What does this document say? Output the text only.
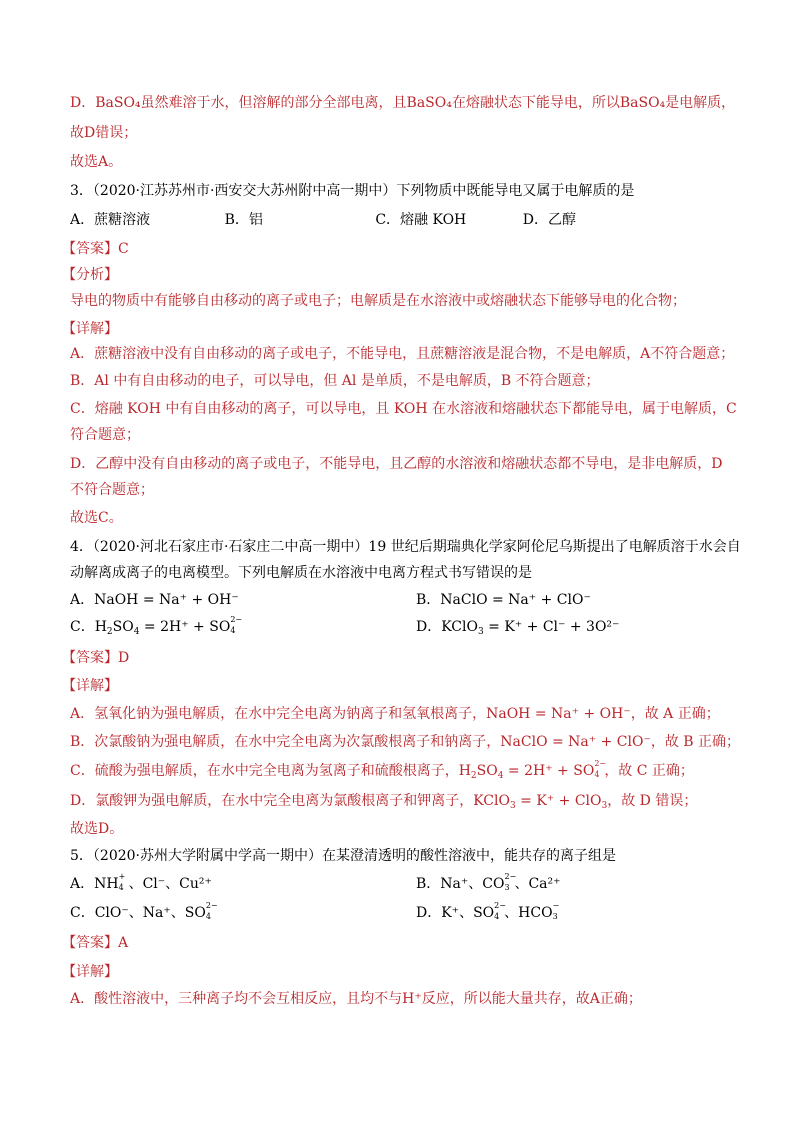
D．BaSO₄虽然难溶于水，但溶解的部分全部电离，且BaSO₄在熔融状态下能导电，所以BaSO₄是电解质，
故D错误；
故选A。
3．（2020·江苏苏州市·西安交大苏州附中高一期中）下列物质中既能导电又属于电解质的是
A．蔗糖溶液	B．铝	C．熔融 KOH	D．乙醇
【答案】C
【分析】
导电的物质中有能够自由移动的离子或电子；电解质是在水溶液中或熔融状态下能够导电的化合物；
【详解】
A．蔗糖溶液中没有自由移动的离子或电子，不能导电，且蔗糖溶液是混合物，不是电解质，A不符合题意；
B．Al 中有自由移动的电子，可以导电，但 Al 是单质，不是电解质，B 不符合题意；
C．熔融 KOH 中有自由移动的离子，可以导电，且 KOH 在水溶液和熔融状态下都能导电，属于电解质，C
符合题意；
D．乙醇中没有自由移动的离子或电子，不能导电，且乙醇的水溶液和熔融状态都不导电，是非电解质，D
不符合题意；
故选C。
4．（2020·河北石家庄市·石家庄二中高一期中）19 世纪后期瑞典化学家阿伦尼乌斯提出了电解质溶于水会自
动解离成离子的电离模型。下列电解质在水溶液中电离方程式书写错误的是
A．NaOH = Na⁺ + OH⁻	B．NaClO = Na⁺ + ClO⁻
C．$H_2SO_4 = 2H^+$ + SO 2−
4	D．KClO$_3$ = K⁺ + Cl⁻ + 3O²⁻
【答案】D
【详解】
A．氢氧化钠为强电解质，在水中完全电离为钠离子和氢氧根离子，NaOH = Na⁺ + OH⁻，故 A 正确；
B．次氯酸钠为强电解质，在水中完全电离为次氯酸根离子和钠离子，NaClO = Na⁺ + ClO⁻，故 B 正确；
C．硫酸为强电解质，在水中完全电离为氢离子和硫酸根离子，$H_2SO_4 = 2H^+$ + SO 2−
4 ，故 C 正确；
D．氯酸钾为强电解质，在水中完全电离为氯酸根离子和钾离子，KClO$_3$ = K⁺ + ClO$_3$，故 D 错误；
故选D。
5．（2020·苏州大学附属中学高一期中）在某澄清透明的酸性溶液中，能共存的离子组是
A．NH +
4 、Cl⁻、Cu²⁺	B．Na⁺、CO 2−
3 、Ca²⁺
C．ClO⁻、Na⁺、SO 2−
4	D．K⁺、SO 2−
4 、HCO −
3
【答案】A
【详解】
A．酸性溶液中，三种离子均不会互相反应，且均不与H⁺反应，所以能大量共存，故A正确；
